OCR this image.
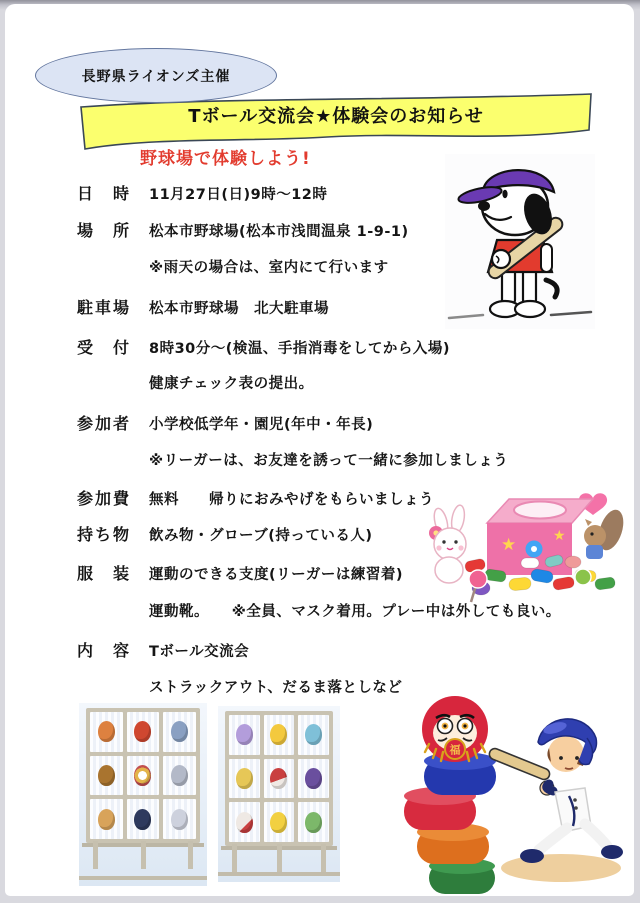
長野県ライオンズ主催
Tボール交流会★体験会のお知らせ
野球場で体験しよう!
日　時 11月27日(日)9時〜12時
場　所 松本市野球場(松本市浅間温泉 1-9-1)
※雨天の場合は、室内にて行います
駐車場 松本市野球場　北大駐車場
受　付 8時30分〜(検温、手指消毒をしてから入場)
健康チェック表の提出。
参加者 小学校低学年・園児(年中・年長)
※リーガーは、お友達を誘って一緒に参加しましょう
参加費 無料　　帰りにおみやげをもらいましょう
持ち物 飲み物・グローブ(持っている人)
服　装 運動のできる支度(リーガーは練習着)
運動靴。　　※全員、マスク着用。プレー中は外しても良い。
内　容 Tボール交流会
ストラックアウト、だるま落としなど
★	★
福
